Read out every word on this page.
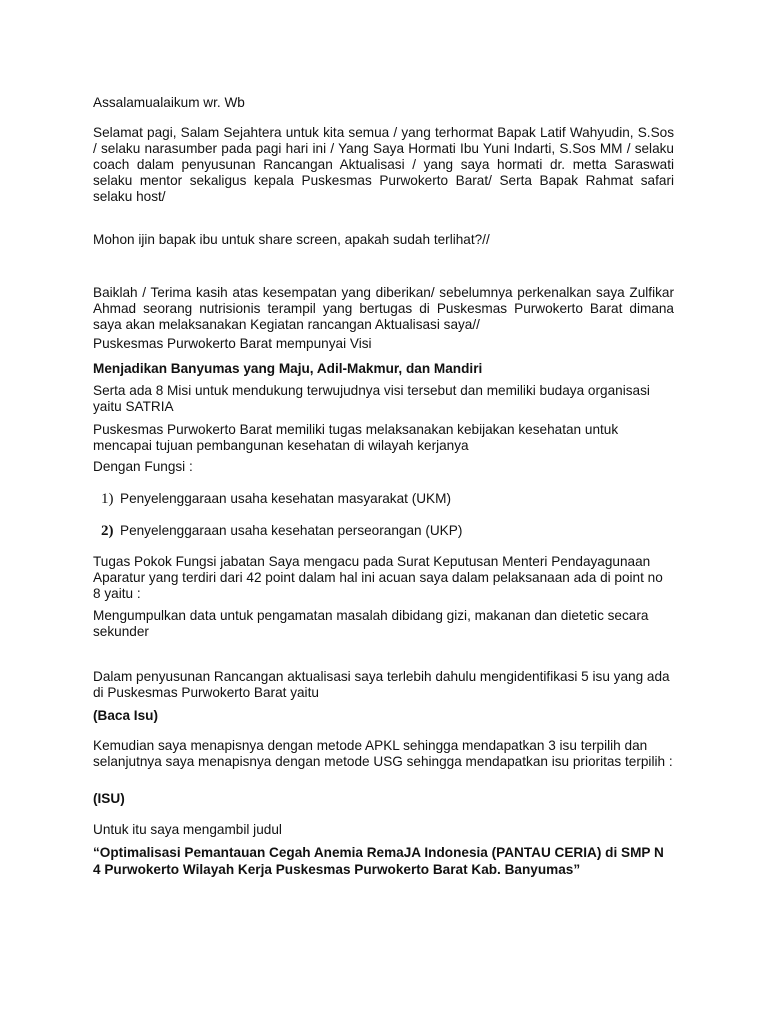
Assalamualaikum wr. Wb

Selamat pagi, Salam Sejahtera untuk kita semua / yang terhormat Bapak Latif Wahyudin, S.Sos / selaku narasumber pada pagi hari ini / Yang Saya Hormati Ibu Yuni Indarti, S.Sos MM / selaku coach dalam penyusunan Rancangan Aktualisasi / yang saya hormati dr. metta Saraswati selaku mentor sekaligus kepala Puskesmas Purwokerto Barat/ Serta Bapak Rahmat safari selaku host/

Mohon ijin bapak ibu untuk share screen, apakah sudah terlihat?//

Baiklah / Terima kasih atas kesempatan yang diberikan/ sebelumnya perkenalkan saya Zulfikar Ahmad seorang nutrisionis terampil yang bertugas di Puskesmas Purwokerto Barat dimana saya akan melaksanakan Kegiatan rancangan Aktualisasi saya//

Puskesmas Purwokerto Barat mempunyai Visi

Menjadikan Banyumas yang Maju, Adil-Makmur, dan Mandiri

Serta ada 8 Misi untuk mendukung terwujudnya visi tersebut dan memiliki budaya organisasi yaitu SATRIA

Puskesmas Purwokerto Barat memiliki tugas melaksanakan kebijakan kesehatan untuk mencapai tujuan pembangunan kesehatan di wilayah kerjanya

Dengan Fungsi :

1) Penyelenggaraan usaha kesehatan masyarakat (UKM)
2) Penyelenggaraan usaha kesehatan perseorangan (UKP)

Tugas Pokok Fungsi jabatan Saya mengacu pada Surat Keputusan Menteri Pendayagunaan Aparatur yang terdiri dari 42 point dalam hal ini acuan saya dalam pelaksanaan ada di point no 8 yaitu :

Mengumpulkan data untuk pengamatan masalah dibidang gizi, makanan dan dietetic secara sekunder

Dalam penyusunan Rancangan aktualisasi saya terlebih dahulu mengidentifikasi 5 isu yang ada di Puskesmas Purwokerto Barat yaitu

(Baca Isu)

Kemudian saya menapisnya dengan metode APKL sehingga mendapatkan 3 isu terpilih dan selanjutnya saya menapisnya dengan metode USG sehingga mendapatkan isu prioritas terpilih :

(ISU)

Untuk itu saya mengambil judul

“Optimalisasi Pemantauan Cegah Anemia RemaJA Indonesia (PANTAU CERIA) di SMP N 4 Purwokerto Wilayah Kerja Puskesmas Purwokerto Barat Kab. Banyumas”
